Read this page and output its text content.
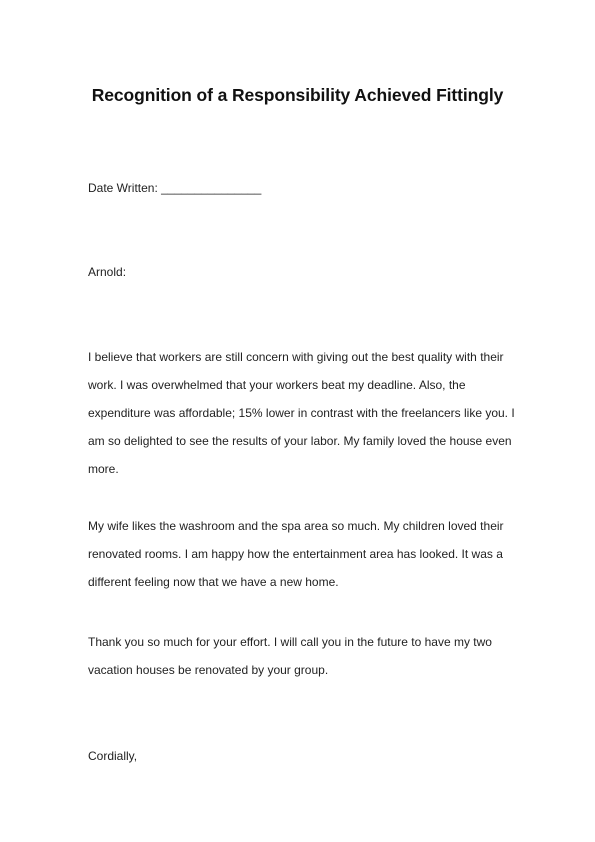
Recognition of a Responsibility Achieved Fittingly

Date Written: _______________

Arnold:

I believe that workers are still concern with giving out the best quality with their
work. I was overwhelmed that your workers beat my deadline. Also, the
expenditure was affordable; 15% lower in contrast with the freelancers like you. I
am so delighted to see the results of your labor. My family loved the house even
more.
My wife likes the washroom and the spa area so much. My children loved their
renovated rooms. I am happy how the entertainment area has looked. It was a
different feeling now that we have a new home.
Thank you so much for your effort. I will call you in the future to have my two
vacation houses be renovated by your group.

Cordially,
